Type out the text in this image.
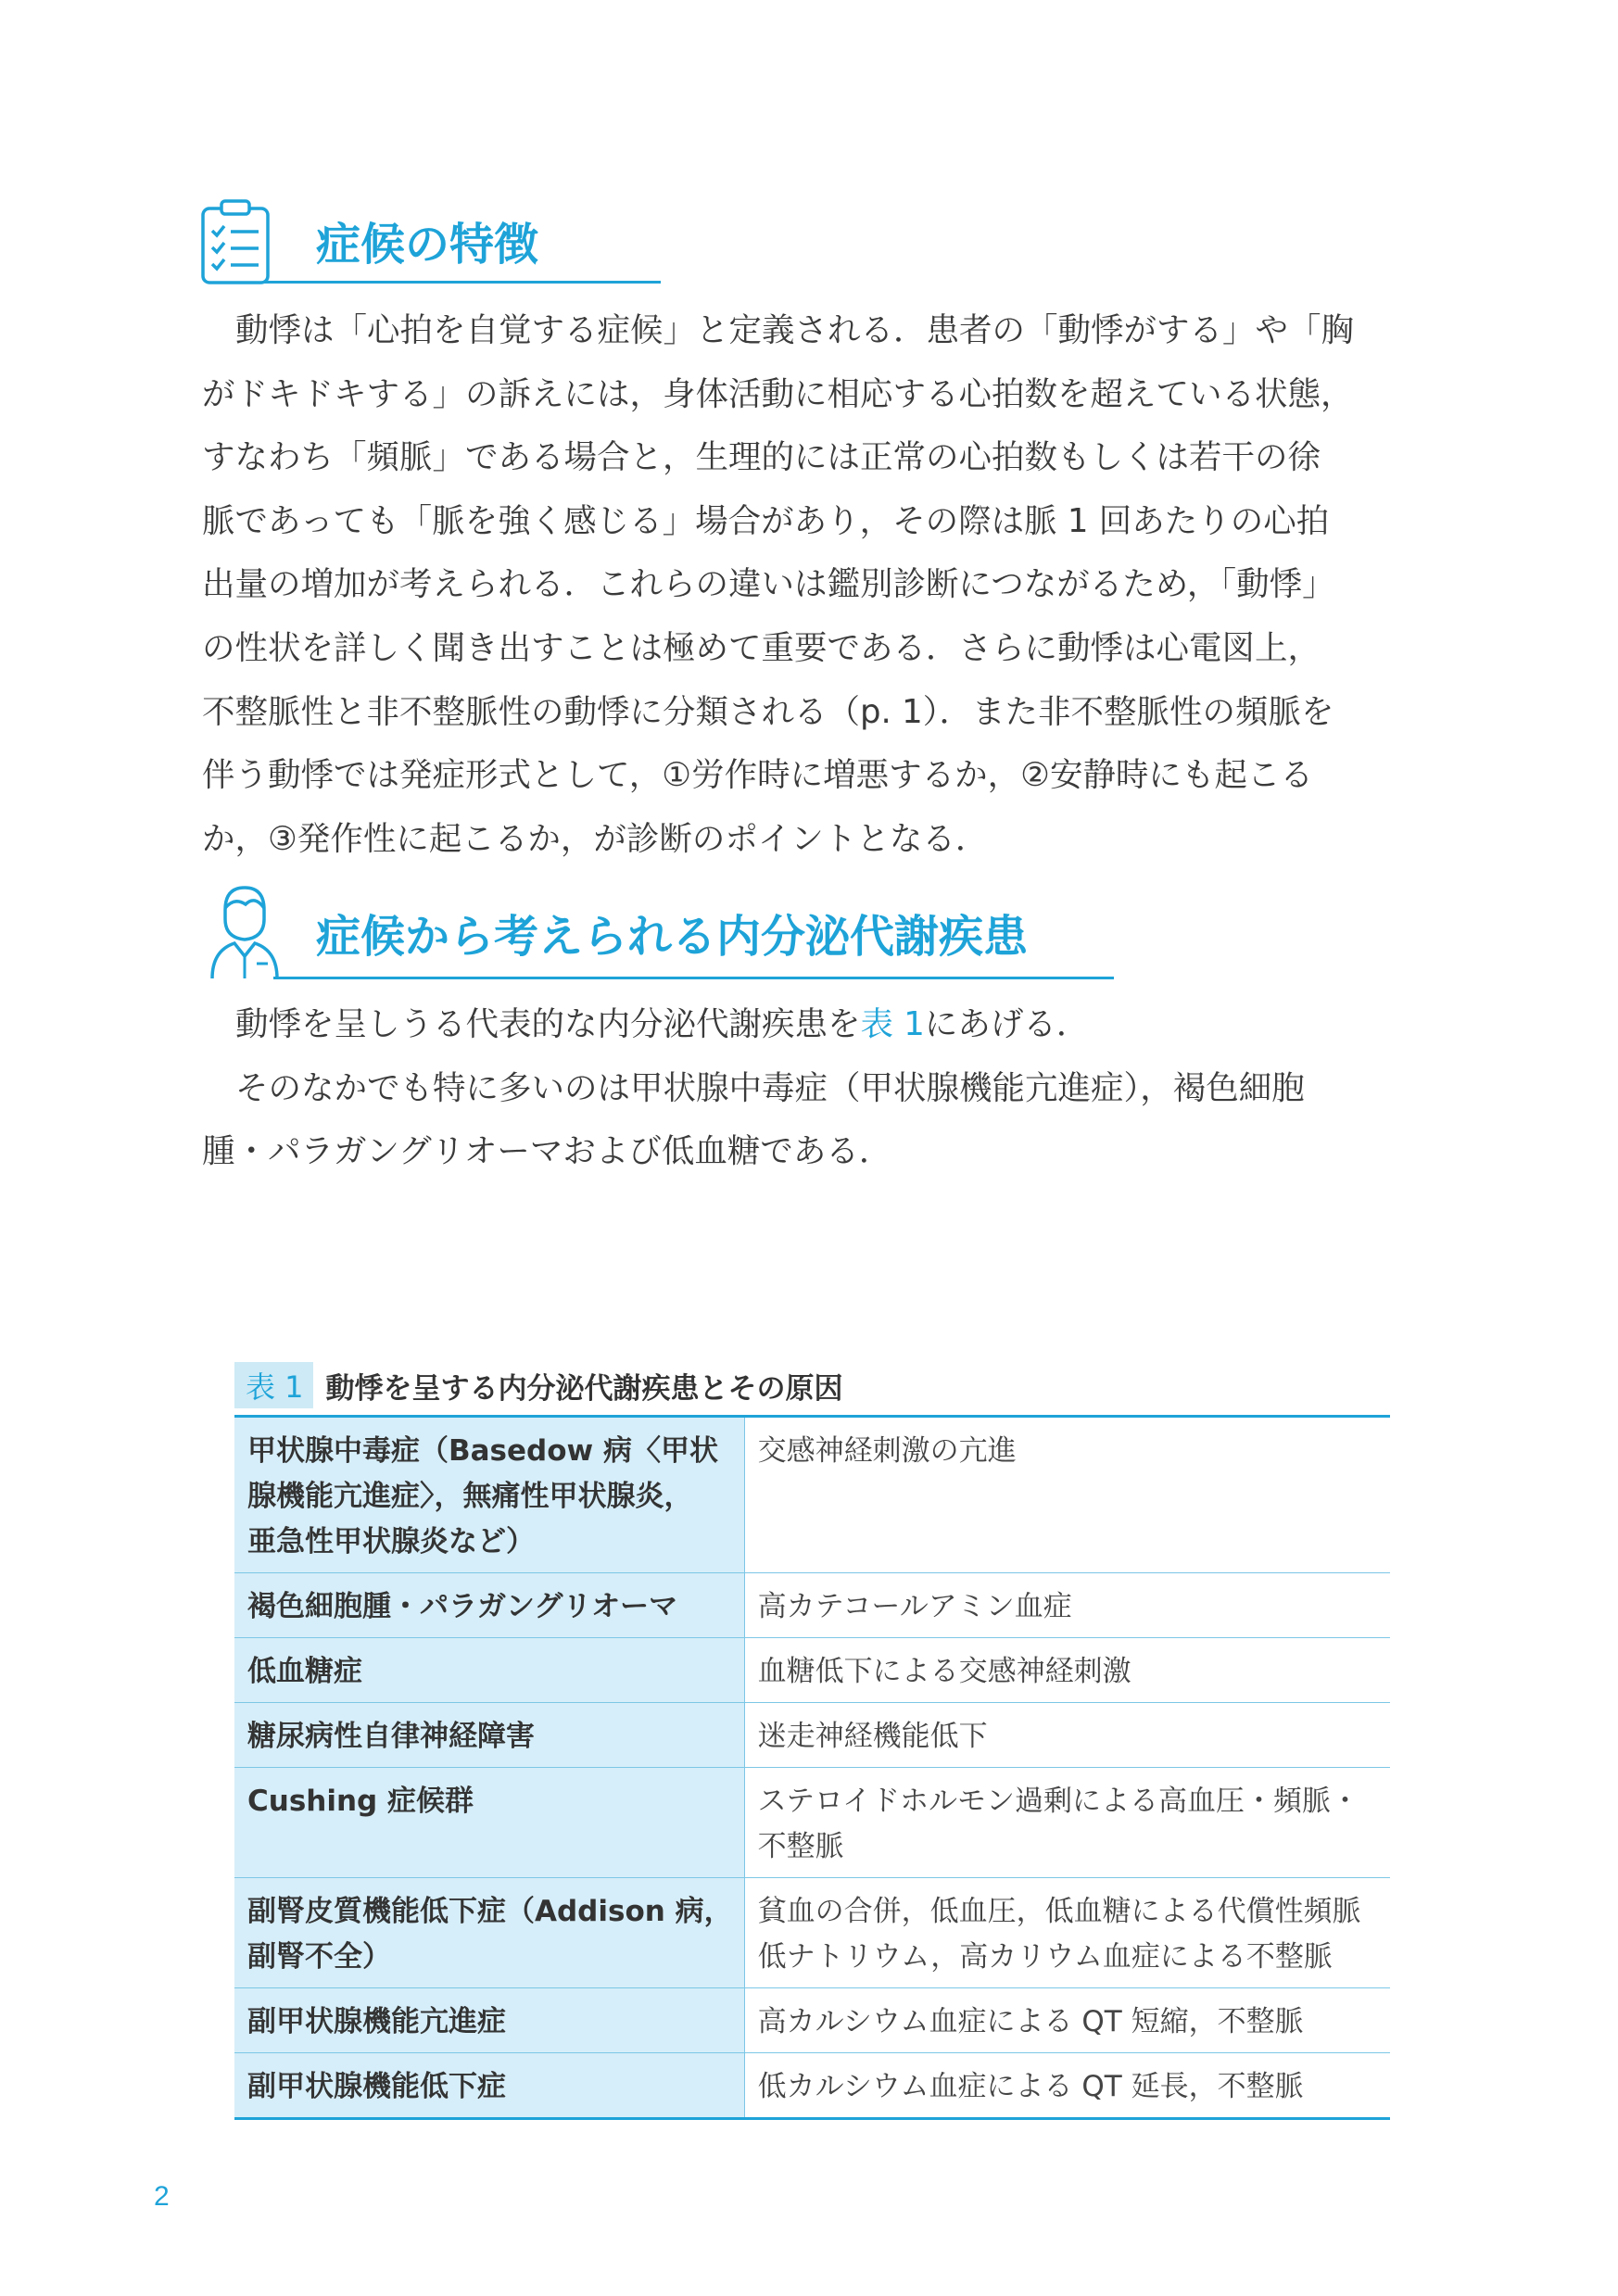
症候の特徴

動悸は「心拍を自覚する症候」と定義される．患者の「動悸がする」や「胸
がドキドキする」の訴えには，身体活動に相応する心拍数を超えている状態，
すなわち「頻脈」である場合と，生理的には正常の心拍数もしくは若干の徐
脈であっても「脈を強く感じる」場合があり，その際は脈 1 回あたりの心拍
出量の増加が考えられる．これらの違いは鑑別診断につながるため，「動悸」
の性状を詳しく聞き出すことは極めて重要である．さらに動悸は心電図上，
不整脈性と非不整脈性の動悸に分類される（p. 1）．また非不整脈性の頻脈を
伴う動悸では発症形式として，①労作時に増悪するか，②安静時にも起こる
か，③発作性に起こるか，が診断のポイントとなる．

症候から考えられる内分泌代謝疾患

動悸を呈しうる代表的な内分泌代謝疾患を表 1にあげる．

そのなかでも特に多いのは甲状腺中毒症（甲状腺機能亢進症），褐色細胞

腫・パラガングリオーマおよび低血糖である．

表 1 動悸を呈する内分泌代謝疾患とその原因
甲状腺中毒症（Basedow 病〈甲状
腺機能亢進症〉，無痛性甲状腺炎，
亜急性甲状腺炎など）	交感神経刺激の亢進

褐色細胞腫・パラガングリオーマ	高カテコールアミン血症

低血糖症	血糖低下による交感神経刺激

糖尿病性自律神経障害	迷走神経機能低下

Cushing 症候群	ステロイドホルモン過剰による高血圧・頻脈・
不整脈

副腎皮質機能低下症（Addison 病，
副腎不全）	貧血の合併，低血圧，低血糖による代償性頻脈
低ナトリウム，高カリウム血症による不整脈

副甲状腺機能亢進症	高カルシウム血症による QT 短縮，不整脈

副甲状腺機能低下症	低カルシウム血症による QT 延長，不整脈
2
